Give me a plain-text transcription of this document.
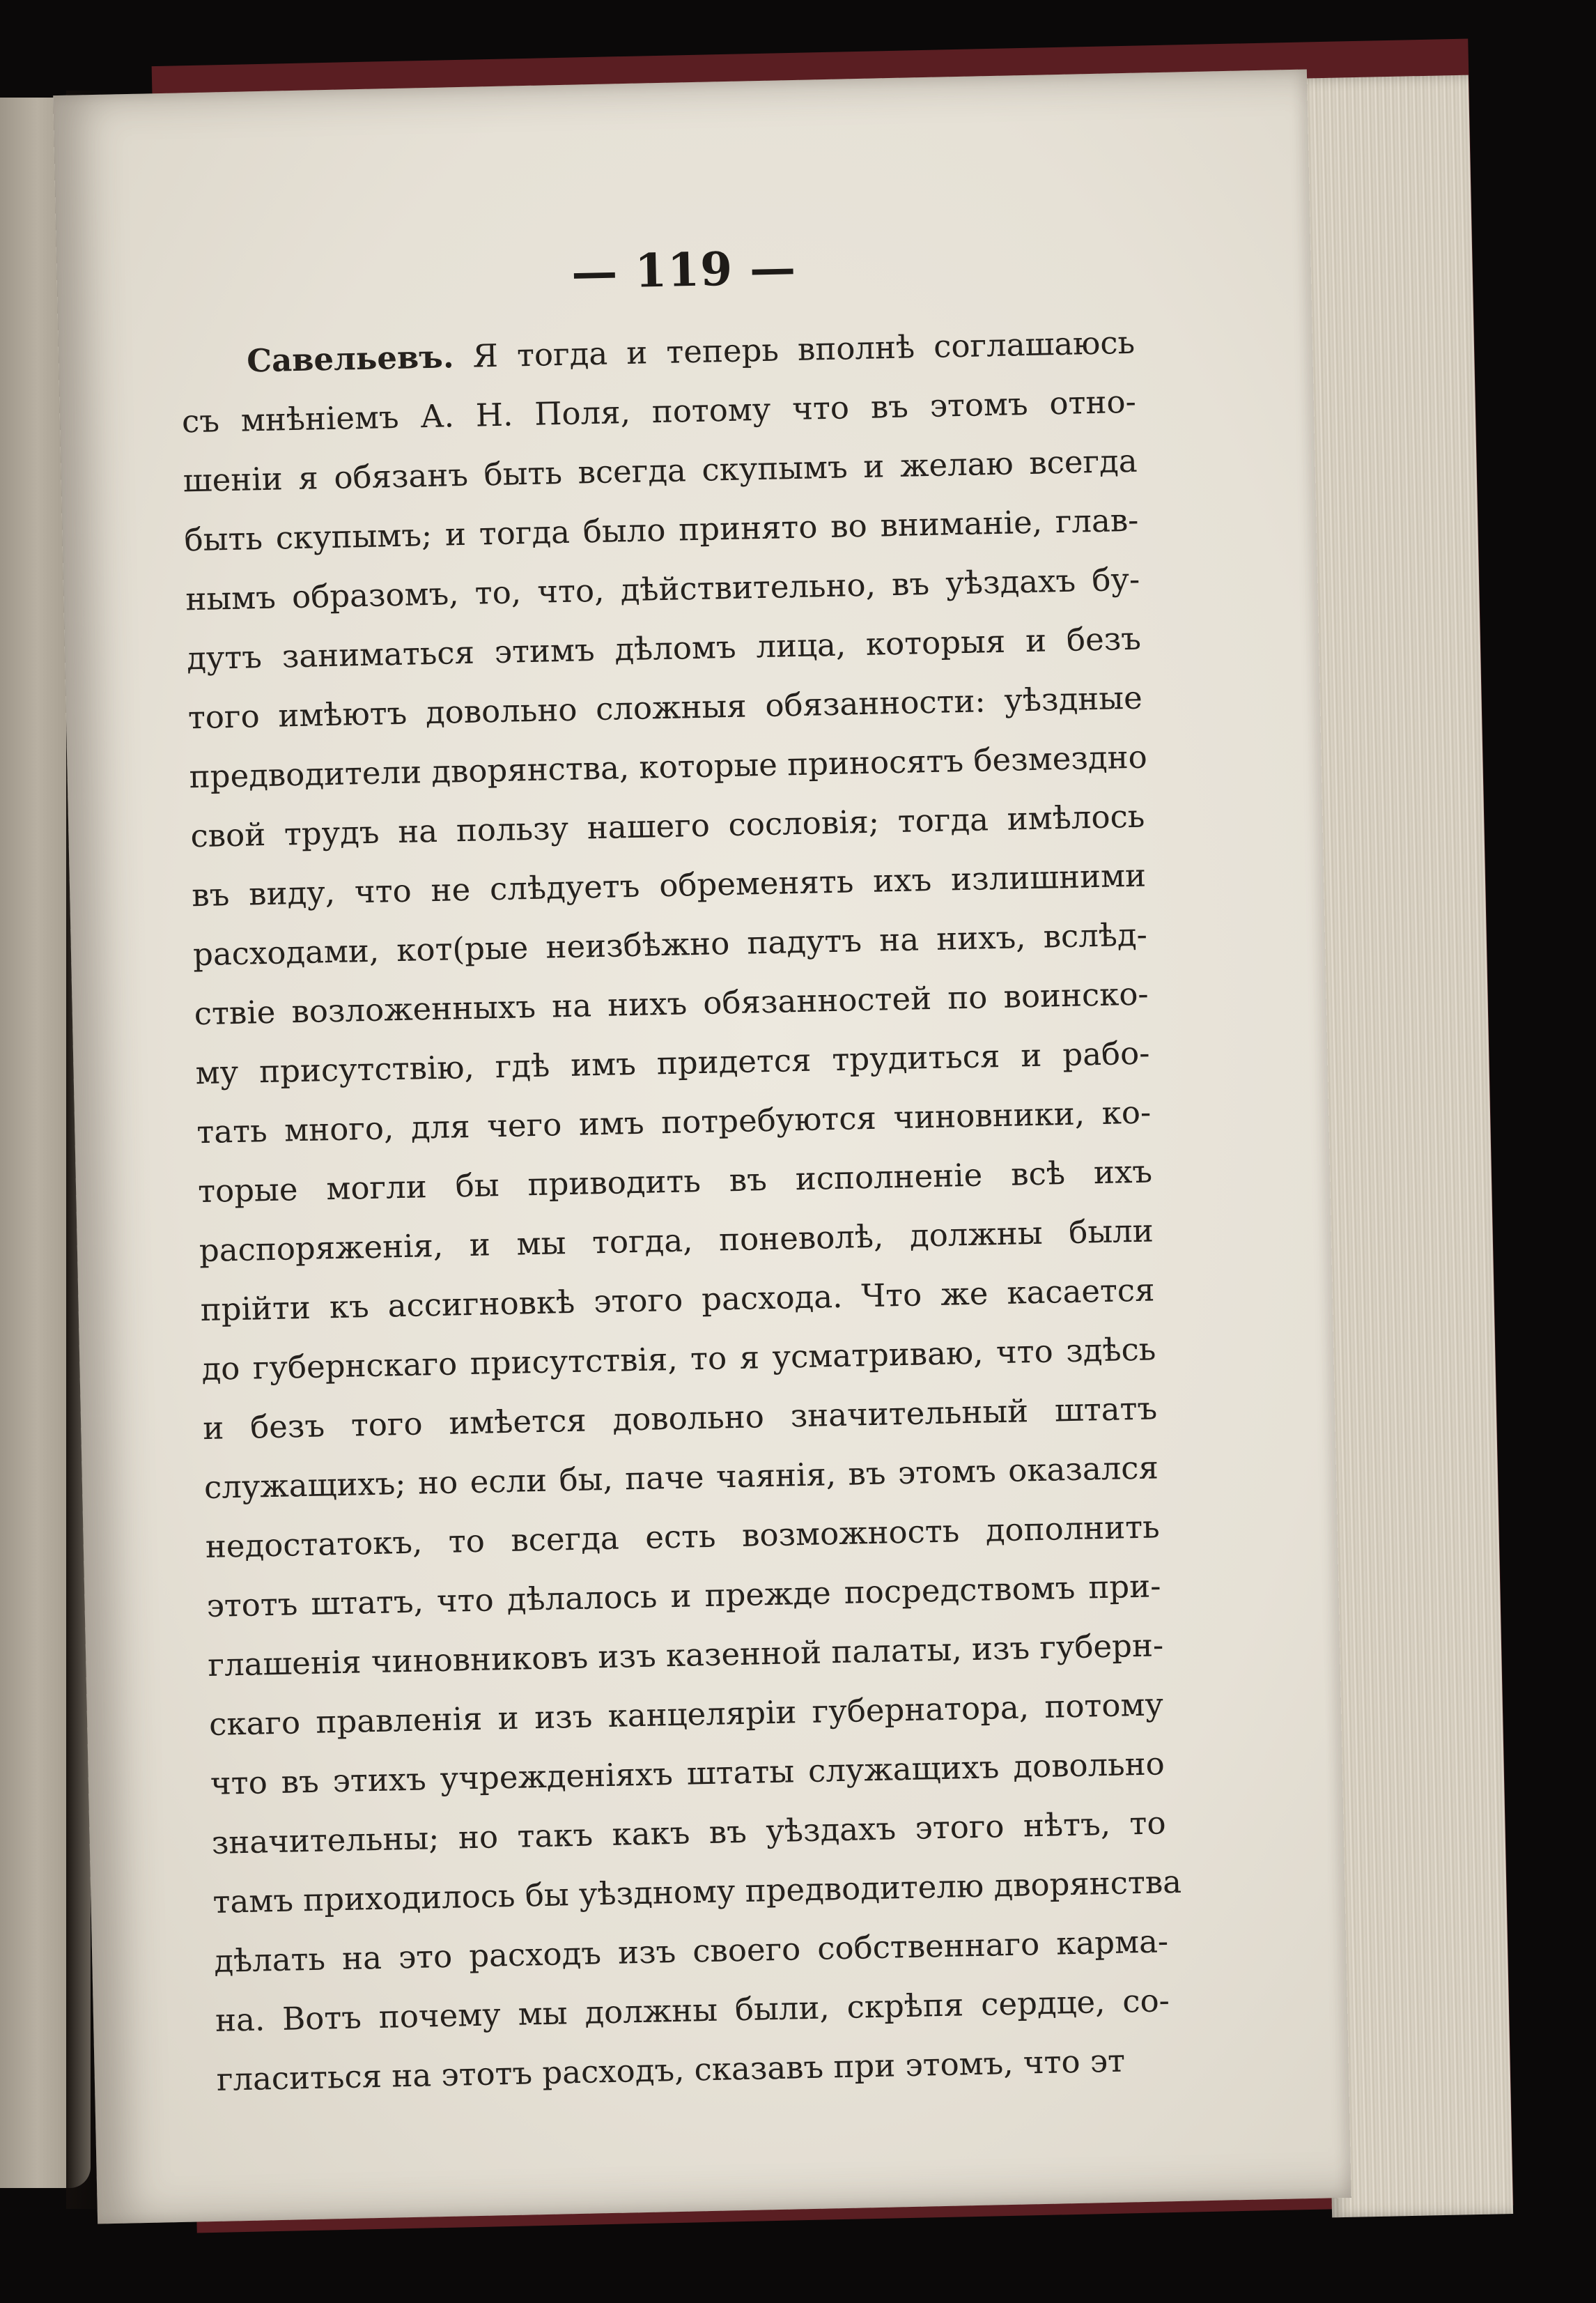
— 119 —
Савельевъ. Я тогда и теперь вполнѣ соглашаюсь
съ мнѣніемъ А. Н. Поля, потому что въ этомъ отно-
шеніи я обязанъ быть всегда скупымъ и желаю всегда
быть скупымъ; и тогда было принято во вниманіе, глав-
нымъ образомъ, то, что, дѣйствительно, въ уѣздахъ бу-
дутъ заниматься этимъ дѣломъ лица, которыя и безъ
того имѣютъ довольно сложныя обязанности: уѣздные
предводители дворянства, которые приносятъ безмездно
свой трудъ на пользу нашего сословія; тогда имѣлось
въ виду, что не слѣдуетъ обременять ихъ излишними
расходами, кот(рые неизбѣжно падутъ на нихъ, вслѣд-
ствіе возложенныхъ на нихъ обязанностей по воинско-
му присутствію, гдѣ имъ придется трудиться и рабо-
тать много, для чего имъ потребуются чиновники, ко-
торые могли бы приводить въ исполненіе всѣ ихъ
распоряженія, и мы тогда, поневолѣ, должны были
прійти къ ассигновкѣ этого расхода. Что же касается
до губернскаго присутствія, то я усматриваю, что здѣсь
и безъ того имѣется довольно значительный штатъ
служащихъ; но если бы, паче чаянія, въ этомъ оказался
недостатокъ, то всегда есть возможность дополнить
этотъ штатъ, что дѣлалось и прежде посредствомъ при-
глашенія чиновниковъ изъ казенной палаты, изъ губерн-
скаго правленія и изъ канцеляріи губернатора, потому
что въ этихъ учрежденіяхъ штаты служащихъ довольно
значительны; но такъ какъ въ уѣздахъ этого нѣтъ, то
тамъ приходилось бы уѣздному предводителю дворянства
дѣлать на это расходъ изъ своего собственнаго карма-
на. Вотъ почему мы должны были, скрѣпя сердце, со-
гласиться на этотъ расходъ, сказавъ при этомъ, что эт
